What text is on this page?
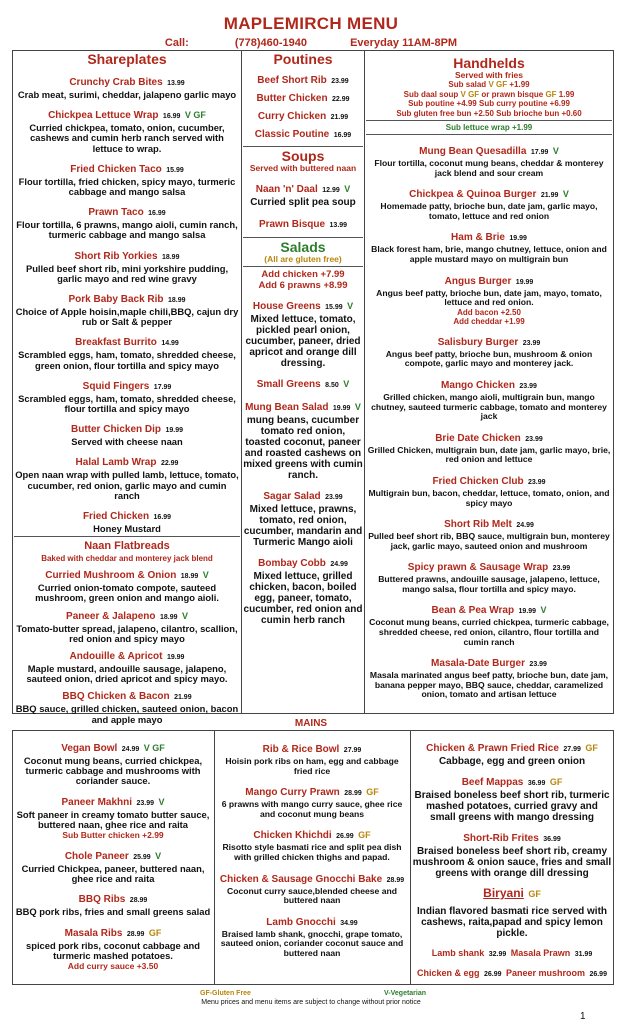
MAPLEMIRCH MENU
Call:	(778)460-1940	Everyday 11AM-8PM
Shareplates
Crunchy Crab Bites 13.99
Crab meat, surimi, cheddar, jalapeno garlic mayo
Chickpea Lettuce Wrap 16.99 V GF
Curried chickpea, tomato, onion, cucumber, cashews and cumin herb ranch served with lettuce to wrap.
Fried Chicken Taco 15.99
Flour tortilla, fried chicken, spicy mayo, turmeric cabbage and mango salsa
Prawn Taco 16.99
Flour tortilla, 6 prawns, mango aioli, cumin ranch, turmeric cabbage and mango salsa
Short Rib Yorkies 18.99
Pulled beef short rib, mini yorkshire pudding, garlic mayo and red wine gravy
Pork Baby Back Rib 18.99
Choice of Apple hoisin,maple chili,BBQ, cajun dry rub or Salt & pepper
Breakfast Burrito 14.99
Scrambled eggs, ham, tomato, shredded cheese, green onion, flour tortilla and spicy mayo
Squid Fingers 17.99
Scrambled eggs, ham, tomato, shredded cheese, flour tortilla and spicy mayo
Butter Chicken Dip 19.99
Served with cheese naan
Halal Lamb Wrap 22.99
Open naan wrap with pulled lamb, lettuce, tomato, cucumber, red onion, garlic mayo and cumin ranch
Fried Chicken 16.99
Honey Mustard
Naan Flatbreads
Baked with cheddar and monterey jack blend
Curried Mushroom & Onion 18.99 V
Curried onion-tomato compote, sauteed mushroom, green onion and mango aioli.
Paneer & Jalapeno 18.99 V
Tomato-butter spread, jalapeno, cilantro, scallion, red onion and spicy mayo
Andouille & Apricot 19.99
Maple mustard, andouille sausage, jalapeno, sauteed onion, dried apricot and spicy mayo.
BBQ Chicken & Bacon 21.99
BBQ sauce, grilled chicken, sauteed onion, bacon and apple mayo
Poutines
Beef Short Rib 23.99
Butter Chicken 22.99
Curry Chicken 21.99
Classic Poutine 16.99
Soups
Served with buttered naan
Naan 'n' Daal 12.99 V
Curried split pea soup
Prawn Bisque 13.99
Salads
(All are gluten free)
Add chicken +7.99
Add 6 prawns +8.99
House Greens 15.99 V
Mixed lettuce, tomato, pickled pearl onion, cucumber, paneer, dried apricot and orange dill dressing.
Small Greens 8.50 V
Mung Bean Salad 19.99 V
mung beans, cucumber tomato red onion, toasted coconut, paneer and roasted cashews on mixed greens with cumin ranch.
Sagar Salad 23.99
Mixed lettuce, prawns, tomato, red onion, cucumber, mandarin and Turmeric Mango aioli
Bombay Cobb 24.99
Mixed lettuce, grilled chicken, bacon, boiled egg, paneer, tomato, cucumber, red onion and cumin herb ranch
Handhelds
Served with fries
Sub salad V GF +1.99
Sub daal soup V GF or prawn bisque GF 1.99
Sub poutine +4.99 Sub curry poutine +6.99
Sub gluten free bun +2.50 Sub brioche bun +0.60
Sub lettuce wrap +1.99
Mung Bean Quesadilla 17.99 V
Flour tortilla, coconut mung beans, cheddar & monterey jack blend and sour cream
Chickpea & Quinoa Burger 21.99 V
Homemade patty, brioche bun, date jam, garlic mayo, tomato, lettuce and red onion
Ham & Brie 19.99
Black forest ham, brie, mango chutney, lettuce, onion and apple mustard mayo on multigrain bun
Angus Burger 19.99
Angus beef patty, brioche bun, date jam, mayo, tomato, lettuce and red onion.
Add bacon +2.50
Add cheddar +1.99
Salisbury Burger 23.99
Angus beef patty, brioche bun, mushroom & onion compote, garlic mayo and monterey jack.
Mango Chicken 23.99
Grilled chicken, mango aioli, multigrain bun, mango chutney, sauteed turmeric cabbage, tomato and monterey jack
Brie Date Chicken 23.99
Grilled Chicken, multigrain bun, date jam, garlic mayo, brie, red onion and lettuce
Fried Chicken Club 23.99
Multigrain bun, bacon, cheddar, lettuce, tomato, onion, and spicy mayo
Short Rib Melt 24.99
Pulled beef short rib, BBQ sauce, multigrain bun, monterey jack, garlic mayo, sauteed onion and mushroom
Spicy prawn & Sausage Wrap 23.99
Buttered prawns, andouille sausage, jalapeno, lettuce, mango salsa, flour tortilla and spicy mayo.
Bean & Pea Wrap 19.99 V
Coconut mung beans, curried chickpea, turmeric cabbage, shredded cheese, red onion, cilantro, flour tortilla and cumin ranch
Masala-Date Burger 23.99
Masala marinated angus beef patty, brioche bun, date jam, banana pepper mayo, BBQ sauce, cheddar, caramelized onion, tomato and artisan lettuce
MAINS
Vegan Bowl 24.99 V GF
Coconut mung beans, curried chickpea, turmeric cabbage and mushrooms with coriander sauce.
Paneer Makhni 23.99 V
Soft paneer in creamy tomato butter sauce, buttered naan, ghee rice and raita
Sub Butter chicken +2.99
Chole Paneer 25.99 V
Curried Chickpea, paneer, buttered naan, ghee rice and raita
BBQ Ribs 28.99
BBQ pork ribs, fries and small greens salad
Masala Ribs 28.99 GF
spiced pork ribs, coconut cabbage and turmeric mashed potatoes.
Add curry sauce +3.50
Rib & Rice Bowl 27.99
Hoisin pork ribs on ham, egg and cabbage fried rice
Mango Curry Prawn 28.99 GF
6 prawns with mango curry sauce, ghee rice and coconut mung beans
Chicken Khichdi 26.99 GF
Risotto style basmati rice and split pea dish with grilled chicken thighs and papad.
Chicken & Sausage Gnocchi Bake 28.99
Coconut curry sauce,blended cheese and buttered naan
Lamb Gnocchi 34.99
Braised lamb shank, gnocchi, grape tomato, sauteed onion, coriander coconut sauce and buttered naan
Chicken & Prawn Fried Rice 27.99 GF
Cabbage, egg and green onion
Beef Mappas 36.99 GF
Braised boneless beef short rib, turmeric mashed potatoes, curried gravy and small greens with mango dressing
Short-Rib Frites 36.99
Braised boneless beef short rib, creamy mushroom & onion sauce, fries and small greens with orange dill dressing
Biryani GF
Indian flavored basmati rice served with cashews, raita,papad and spicy lemon pickle.
Lamb shank 32.99 Masala Prawn 31.99
Chicken & egg 26.99 Paneer mushroom 26.99
GF-Gluten Free	V-Vegetarian
Menu prices and menu items are subject to change without prior notice
1
